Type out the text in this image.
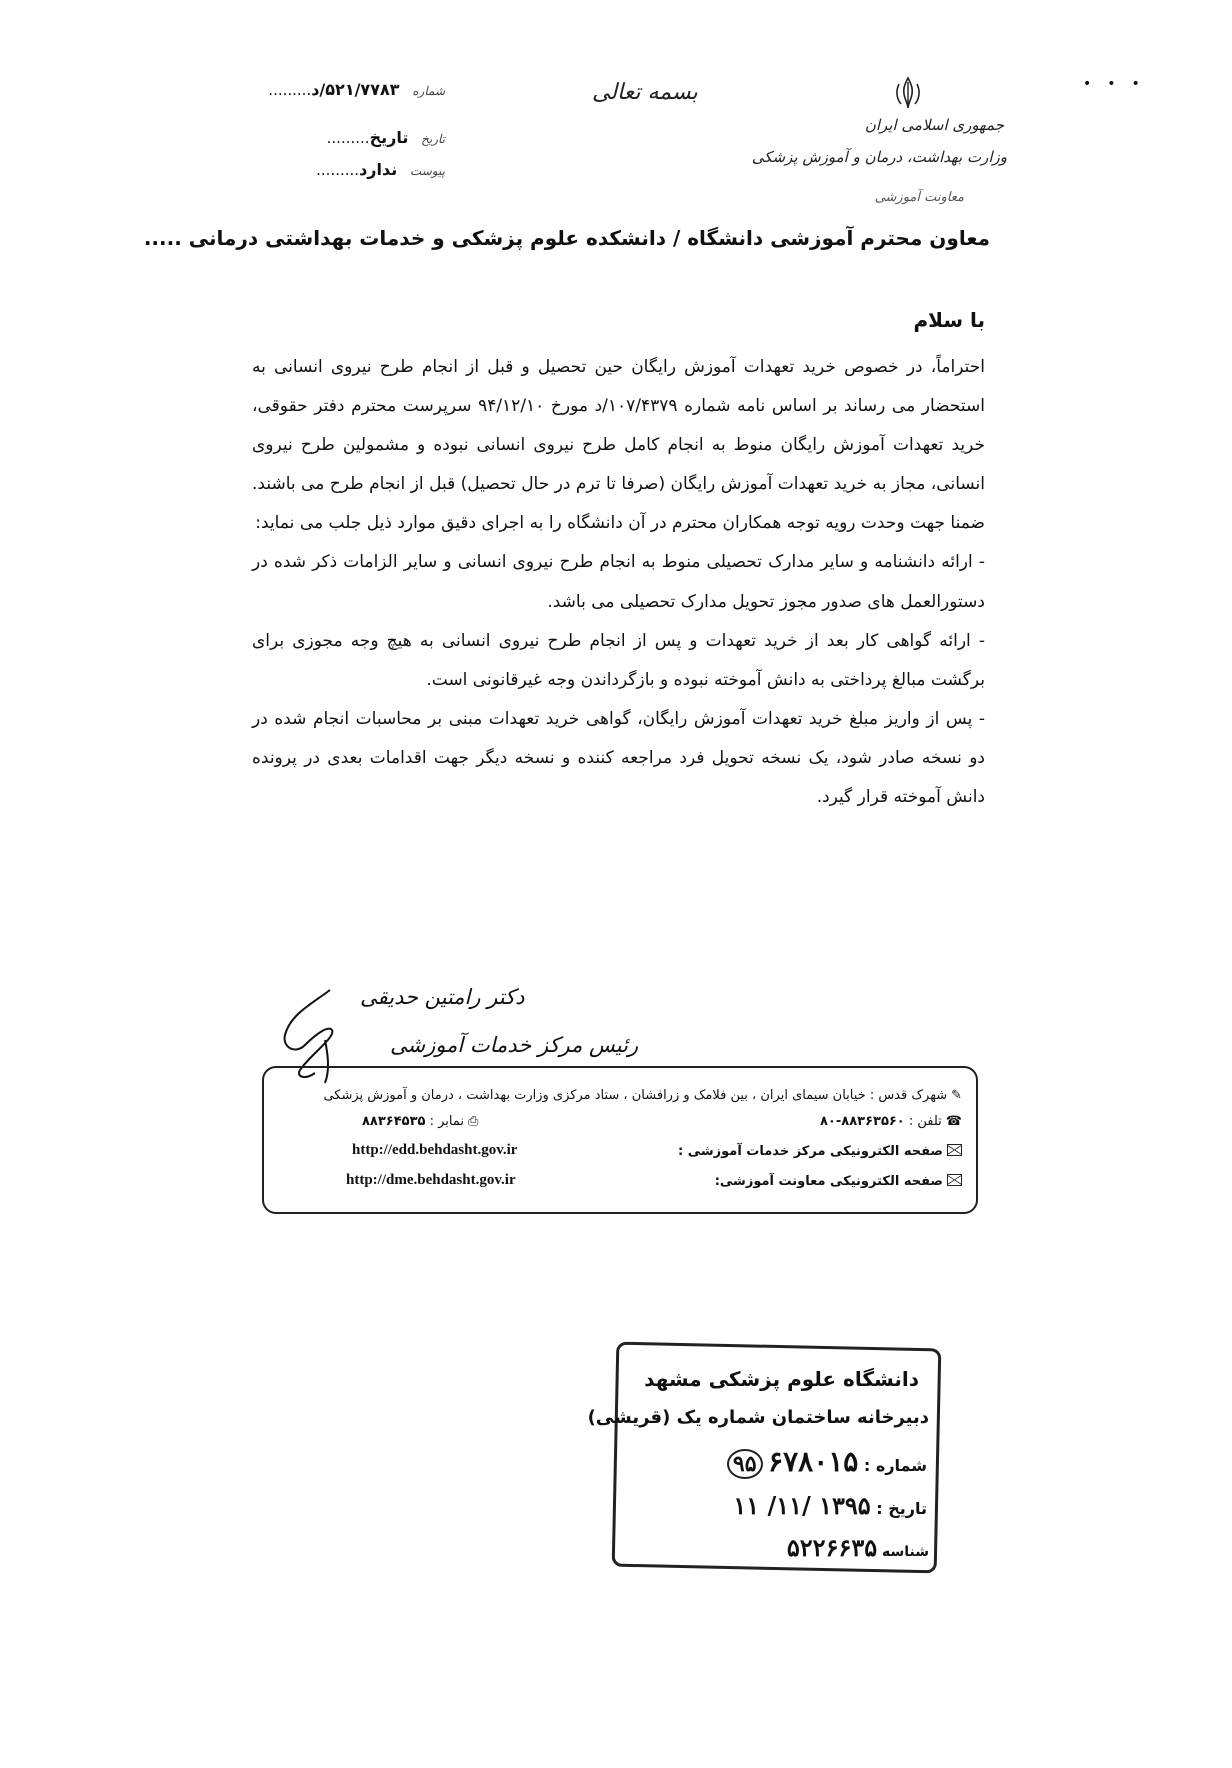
جمهوری اسلامی ایران
وزارت بهداشت، درمان و آموزش پزشکی
معاونت آموزشی
بسمه تعالی
شماره ۵۲۱/۷۷۸۳/د.........
تاریخ تاریخ.........
پیوست ندارد.........
•••
معاون محترم آموزشی دانشگاه / دانشکده علوم پزشکی و خدمات بهداشتی درمانی .....
با سلام

احتراماً، در خصوص خرید تعهدات آموزش رایگان حین تحصیل و قبل از انجام طرح نیروی انسانی به استحضار می رساند بر اساس نامه شماره ۱۰۷/۴۳۷۹/د مورخ ۹۴/۱۲/۱۰ سرپرست محترم دفتر حقوقی، خرید تعهدات آموزش رایگان منوط به انجام کامل طرح نیروی انسانی نبوده و مشمولین طرح نیروی انسانی، مجاز به خرید تعهدات آموزش رایگان (صرفا تا ترم در حال تحصیل) قبل از انجام طرح می باشند. ضمنا جهت وحدت رویه توجه همکاران محترم در آن دانشگاه را به اجرای دقیق موارد ذیل جلب می نماید:

- ارائه دانشنامه و سایر مدارک تحصیلی منوط به انجام طرح نیروی انسانی و سایر الزامات ذکر شده در دستورالعمل های صدور مجوز تحویل مدارک تحصیلی می باشد.

- ارائه گواهی کار بعد از خرید تعهدات و پس از انجام طرح نیروی انسانی به هیچ وجه مجوزی برای برگشت مبالغ پرداختی به دانش آموخته نبوده و بازگرداندن وجه غیرقانونی است.

- پس از واریز مبلغ خرید تعهدات آموزش رایگان، گواهی خرید تعهدات مبنی بر محاسبات انجام شده در دو نسخه صادر شود، یک نسخه تحویل فرد مراجعه کننده و نسخه دیگر جهت اقدامات بعدی در پرونده دانش آموخته قرار گیرد.

دکتر رامتین حدیقی
رئیس مرکز خدمات آموزشی
✎شهرک قدس : خیابان سیمای ایران ، بین فلامک و زرافشان ، ستاد مرکزی وزارت بهداشت ، درمان و آموزش پزشکی
☎تلفن : ۸۸۳۶۳۵۶۰-۸۰
⎙نمابر : ۸۸۳۶۴۵۳۵
صفحه الکترونیکی مرکز خدمات آموزشی :
http://edd.behdasht.gov.ir
صفحه الکترونیکی معاونت آموزشی:
http://dme.behdasht.gov.ir
دانشگاه علوم پزشکی مشهد
دبیرخانه ساختمان شماره یک (قریشی)
شماره : ۶۷۸۰۱۵ ۹۵
تاریخ : ۱۳۹۵ /۱۱/ ۱۱
شناسه ۵۲۲۶۶۳۵
